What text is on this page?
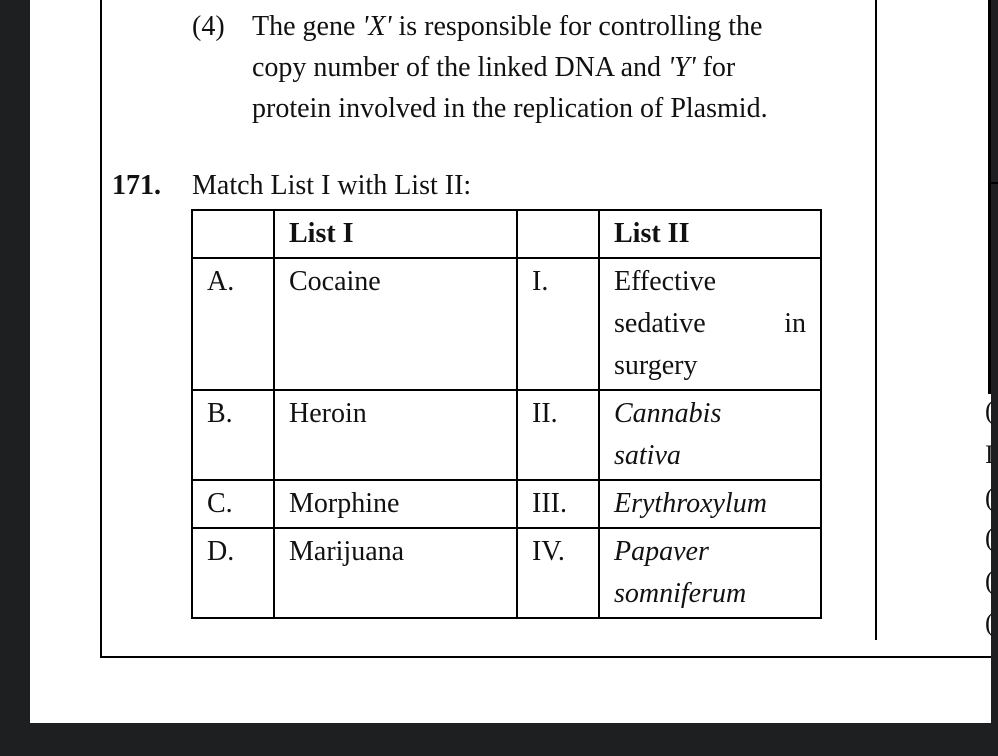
(
I
(
(
(
(
(4) The gene 'X' is responsible for controlling the
copy number of the linked DNA and 'Y' for
protein involved in the replication of Plasmid.
171. Match List I with List II:
	List I		List II
A.	Cocaine	I.	Effective
sedative in
surgery

B.	Heroin	II.	Cannabis
sativa

C.	Morphine	III.	Erythroxylum

D.	Marijuana	IV.	Papaver
somniferum
